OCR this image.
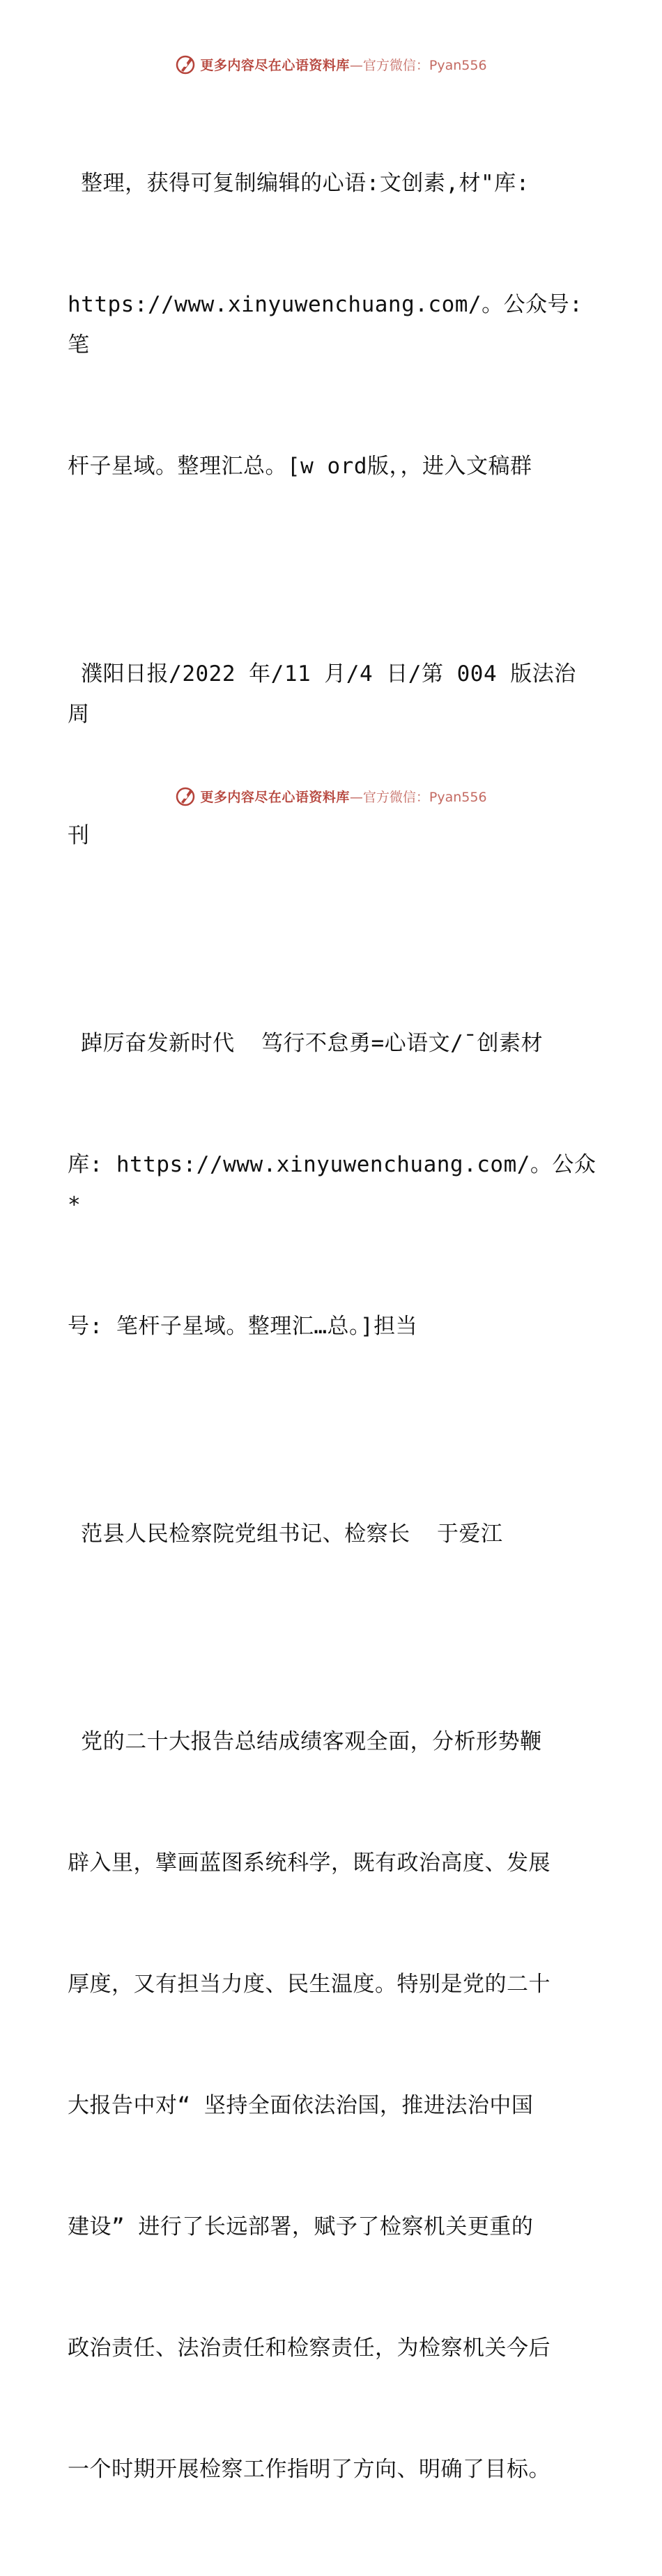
更多内容尽在心语资料库 —官方微信：Pyan556

整理，获得可复制编辑的心语:文创素,材"库:

https://www.xinyuwenchuang.com/。公众号: 笔

杆子星域。整理汇总。[w ord版，，进入文稿群

濮阳日报/2022 年/11 月/4 日/第 004 版法治周

刊

踔厉奋发新时代  笃行不怠勇=心语文/¯创素材

库: https://www.xinyuwenchuang.com/。公众*

号: 笔杆子星域。整理汇…总。]担当

范县人民检察院党组书记、检察长  于爱江

党的二十大报告总结成绩客观全面，分析形势鞭

辟入里，擘画蓝图系统科学，既有政治高度、发展

厚度，又有担当力度、民生温度。特别是党的二十

大报告中对“ 坚持全面依法治国，推进法治中国

建设” 进行了长远部署，赋予了检察机关更重的

政治责任、法治责任和检察责任，为检察机关今后

一个时期开展检察工作指明了方向、明确了目标。

更多内容尽在心语资料库 —官方微信：Pyan556
